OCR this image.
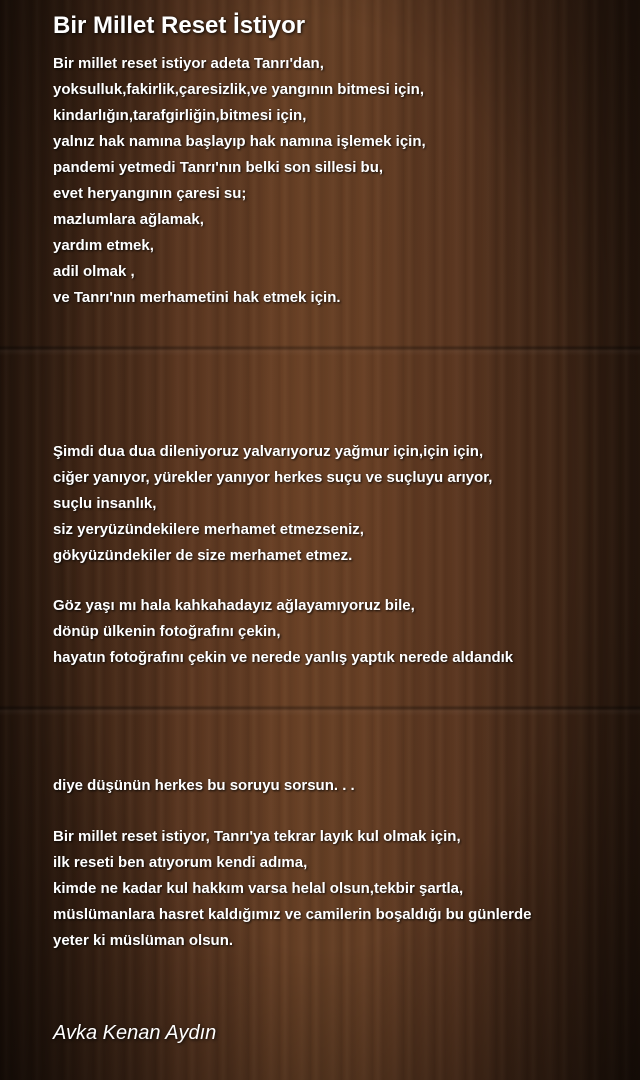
Bir Millet Reset İstiyor
Bir millet reset istiyor adeta Tanrı'dan,
yoksulluk,fakirlik,çaresizlik,ve yangının bitmesi için,
kindarlığın,tarafgirliğin,bitmesi için,
yalnız hak namına başlayıp hak namına işlemek için,
pandemi yetmedi Tanrı'nın belki son sillesi bu,
evet heryangının çaresi su;
mazlumlara ağlamak,
yardım etmek,
adil olmak ,
ve Tanrı'nın merhametini hak etmek için.
Şimdi dua dua dileniyoruz yalvarıyoruz yağmur için,için için,
ciğer yanıyor, yürekler yanıyor herkes suçu ve suçluyu arıyor,
suçlu insanlık,
siz yeryüzündekilere merhamet etmezseniz,
gökyüzündekiler de size merhamet etmez.
Göz yaşı mı hala kahkahadayız ağlayamıyoruz bile,
dönüp ülkenin fotoğrafını çekin,
hayatın fotoğrafını çekin ve nerede yanlış yaptık nerede aldandık
diye düşünün herkes bu soruyu sorsun. . .
Bir millet reset istiyor, Tanrı'ya tekrar layık kul olmak için,
ilk reseti ben atıyorum kendi adıma,
kimde ne kadar kul hakkım varsa helal olsun,tekbir şartla,
müslümanlara hasret kaldığımız ve camilerin boşaldığı bu günlerde
yeter ki müslüman olsun.
Avka Kenan Aydın
